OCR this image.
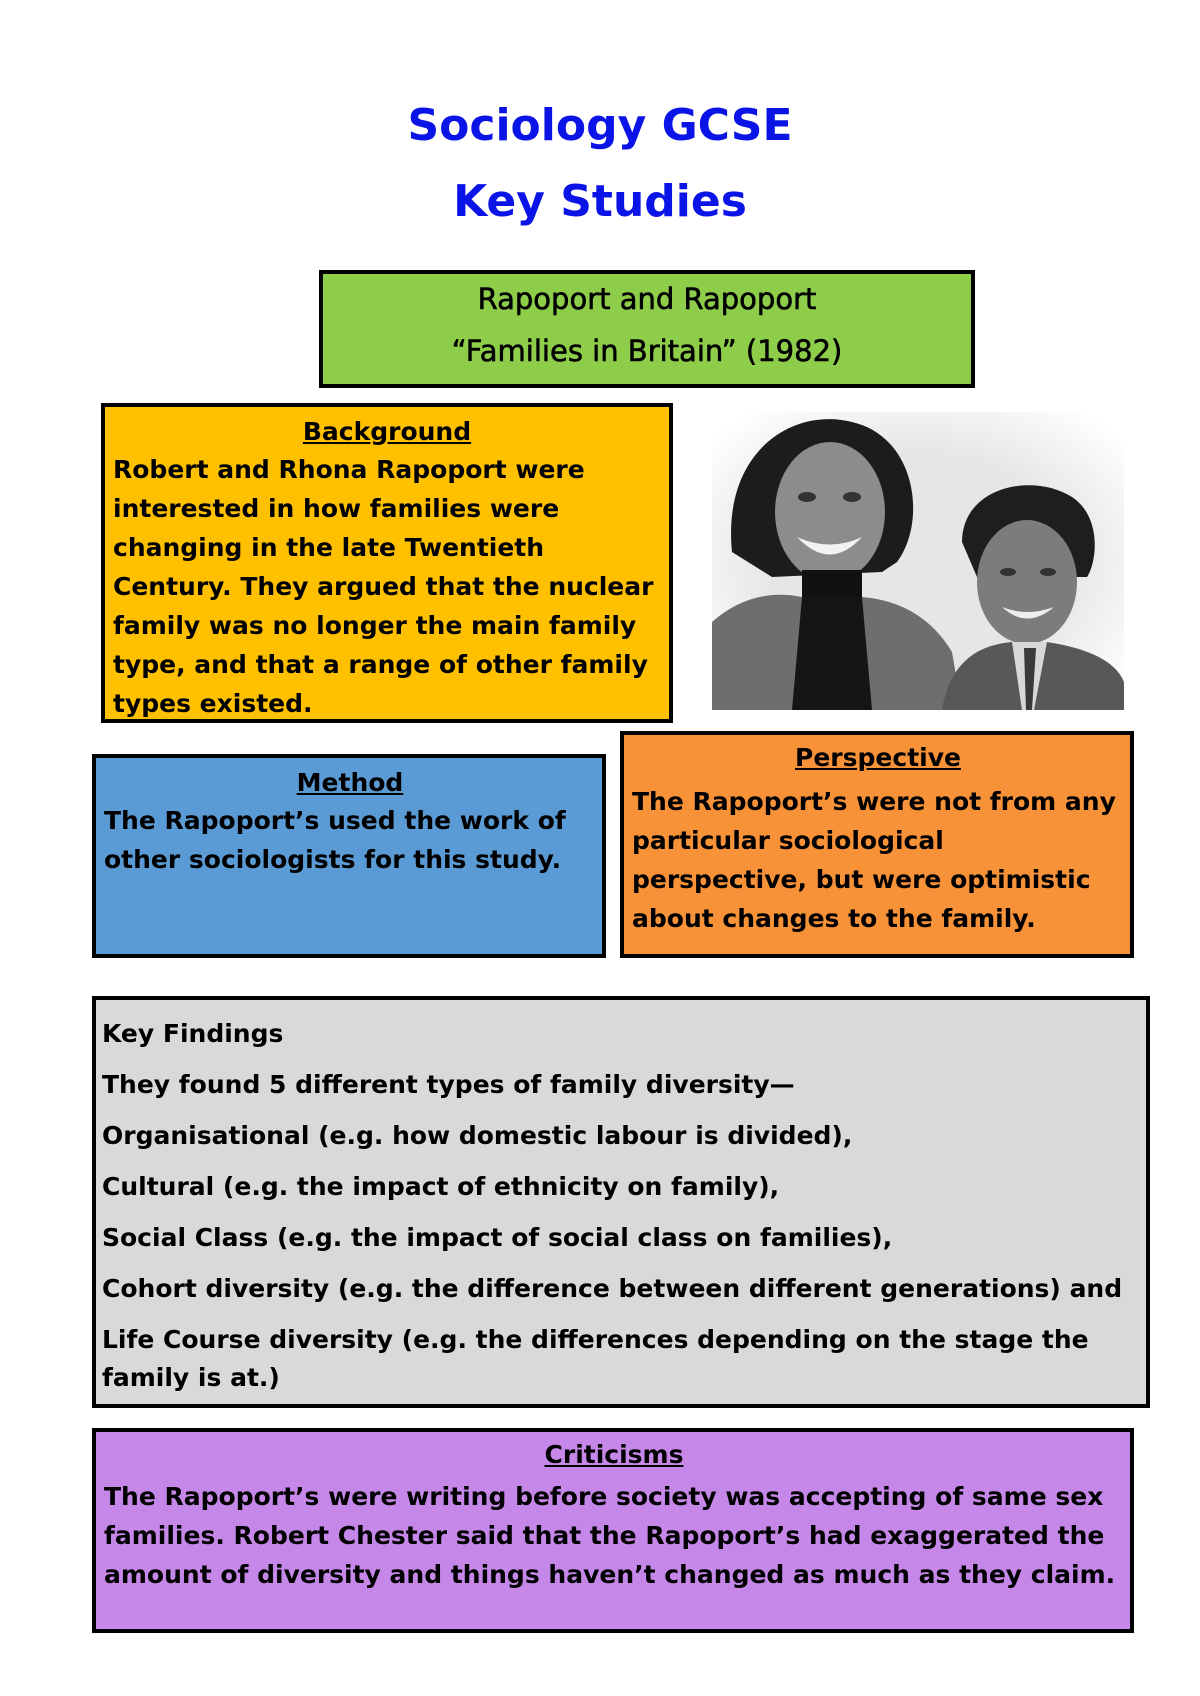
Sociology GCSE
Key Studies
Rapoport and Rapoport
“Families in Britain” (1982)
Background

Robert and Rhona Rapoport were interested in how families were changing in the late Twentieth Century. They argued that the nuclear family was no longer the main family type, and that a range of other family types existed.

Method

The Rapoport’s used the work of other sociologists for this study.

Perspective

The Rapoport’s were not from any particular sociological perspective, but were optimistic about changes to the family.

Key Findings
They found 5 different types of family diversity—
Organisational (e.g. how domestic labour is divided),
Cultural (e.g. the impact of ethnicity on family),
Social Class (e.g. the impact of social class on families),
Cohort diversity (e.g. the difference between different generations) and
Life Course diversity (e.g. the differences depending on the stage the family is at.)
Criticisms

The Rapoport’s were writing before society was accepting of same sex families. Robert Chester said that the Rapoport’s had exaggerated the amount of diversity and things haven’t changed as much as they claim.
